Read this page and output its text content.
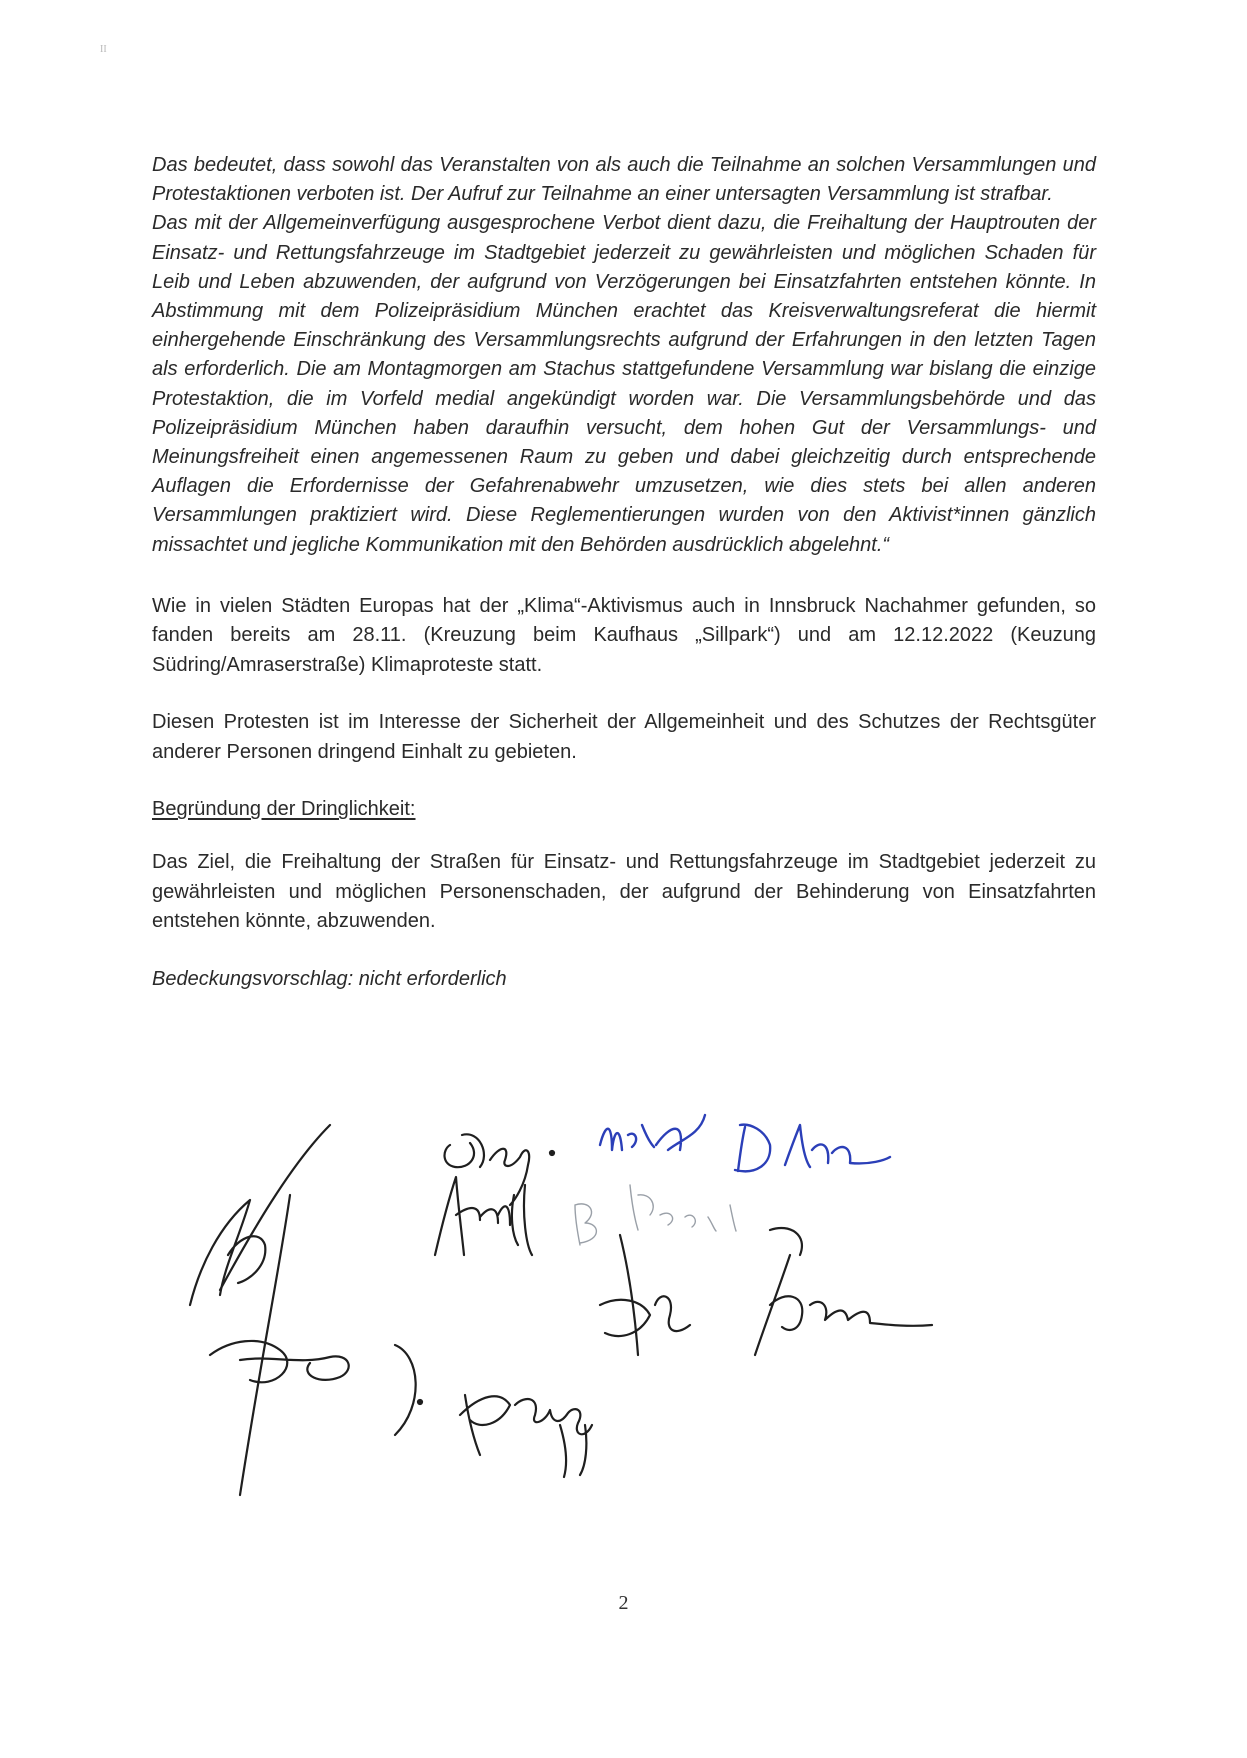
II

Das bedeutet, dass sowohl das Veranstalten von als auch die Teilnahme an solchen Versammlungen und Protestaktionen verboten ist. Der Aufruf zur Teilnahme an einer untersagten Versammlung ist strafbar.

Das mit der Allgemeinverfügung ausgesprochene Verbot dient dazu, die Freihaltung der Hauptrouten der Einsatz- und Rettungsfahrzeuge im Stadtgebiet jederzeit zu gewährleisten und möglichen Schaden für Leib und Leben abzuwenden, der aufgrund von Verzögerungen bei Einsatzfahrten entstehen könnte. In Abstimmung mit dem Polizeipräsidium München erachtet das Kreisverwaltungsreferat die hiermit einhergehende Einschränkung des Versammlungsrechts aufgrund der Erfahrungen in den letzten Tagen als erforderlich. Die am Montagmorgen am Stachus stattgefundene Versammlung war bislang die einzige Protestaktion, die im Vorfeld medial angekündigt worden war. Die Versammlungsbehörde und das Polizeipräsidium München haben daraufhin versucht, dem hohen Gut der Versammlungs- und Meinungsfreiheit einen angemessenen Raum zu geben und dabei gleichzeitig durch entsprechende Auflagen die Erfordernisse der Gefahrenabwehr umzusetzen, wie dies stets bei allen anderen Versammlungen praktiziert wird. Diese Reglementierungen wurden von den Aktivist*innen gänzlich missachtet und jegliche Kommunikation mit den Behörden ausdrücklich abgelehnt.“

Wie in vielen Städten Europas hat der „Klima“-Aktivismus auch in Innsbruck Nachahmer gefunden, so fanden bereits am 28.11. (Kreuzung beim Kaufhaus „Sillpark“) und am 12.12.2022 (Keuzung Südring/Amraserstraße) Klimaproteste statt.

Diesen Protesten ist im Interesse der Sicherheit der Allgemeinheit und des Schutzes der Rechtsgüter anderer Personen dringend Einhalt zu gebieten.

Begründung der Dringlichkeit:

Das Ziel, die Freihaltung der Straßen für Einsatz- und Rettungsfahrzeuge im Stadtgebiet jederzeit zu gewährleisten und möglichen Personenschaden, der aufgrund der Behinderung von Einsatzfahrten entstehen könnte, abzuwenden.

Bedeckungsvorschlag: nicht erforderlich
2
